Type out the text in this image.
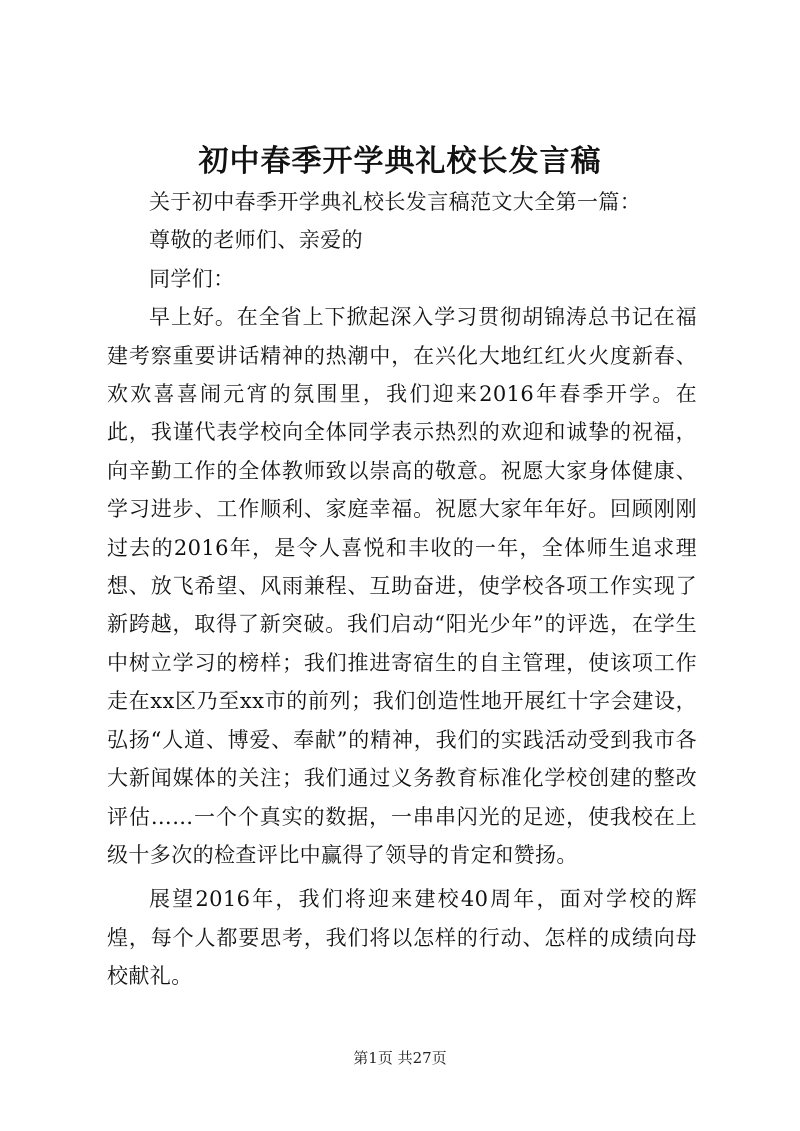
初中春季开学典礼校长发言稿

关于初中春季开学典礼校长发言稿范文大全第一篇：

尊敬的老师们、亲爱的

同学们：

早上好。在全省上下掀起深入学习贯彻胡锦涛总书记在福建考察重要讲话精神的热潮中，在兴化大地红红火火度新春、欢欢喜喜闹元宵的氛围里，我们迎来2016年春季开学。在此，我谨代表学校向全体同学表示热烈的欢迎和诚挚的祝福，向辛勤工作的全体教师致以崇高的敬意。祝愿大家身体健康、学习进步、工作顺利、家庭幸福。祝愿大家年年好。回顾刚刚过去的2016年，是令人喜悦和丰收的一年，全体师生追求理想、放飞希望、风雨兼程、互助奋进，使学校各项工作实现了新跨越，取得了新突破。我们启动“阳光少年”的评选，在学生中树立学习的榜样；我们推进寄宿生的自主管理，使该项工作走在xx区乃至xx市的前列；我们创造性地开展红十字会建设，弘扬“人道、博爱、奉献”的精神，我们的实践活动受到我市各大新闻媒体的关注；我们通过义务教育标准化学校创建的整改评估……一个个真实的数据，一串串闪光的足迹，使我校在上级十多次的检查评比中赢得了领导的肯定和赞扬。

展望2016年，我们将迎来建校40周年，面对学校的辉煌，每个人都要思考，我们将以怎样的行动、怎样的成绩向母校献礼。

第1页 共27页
